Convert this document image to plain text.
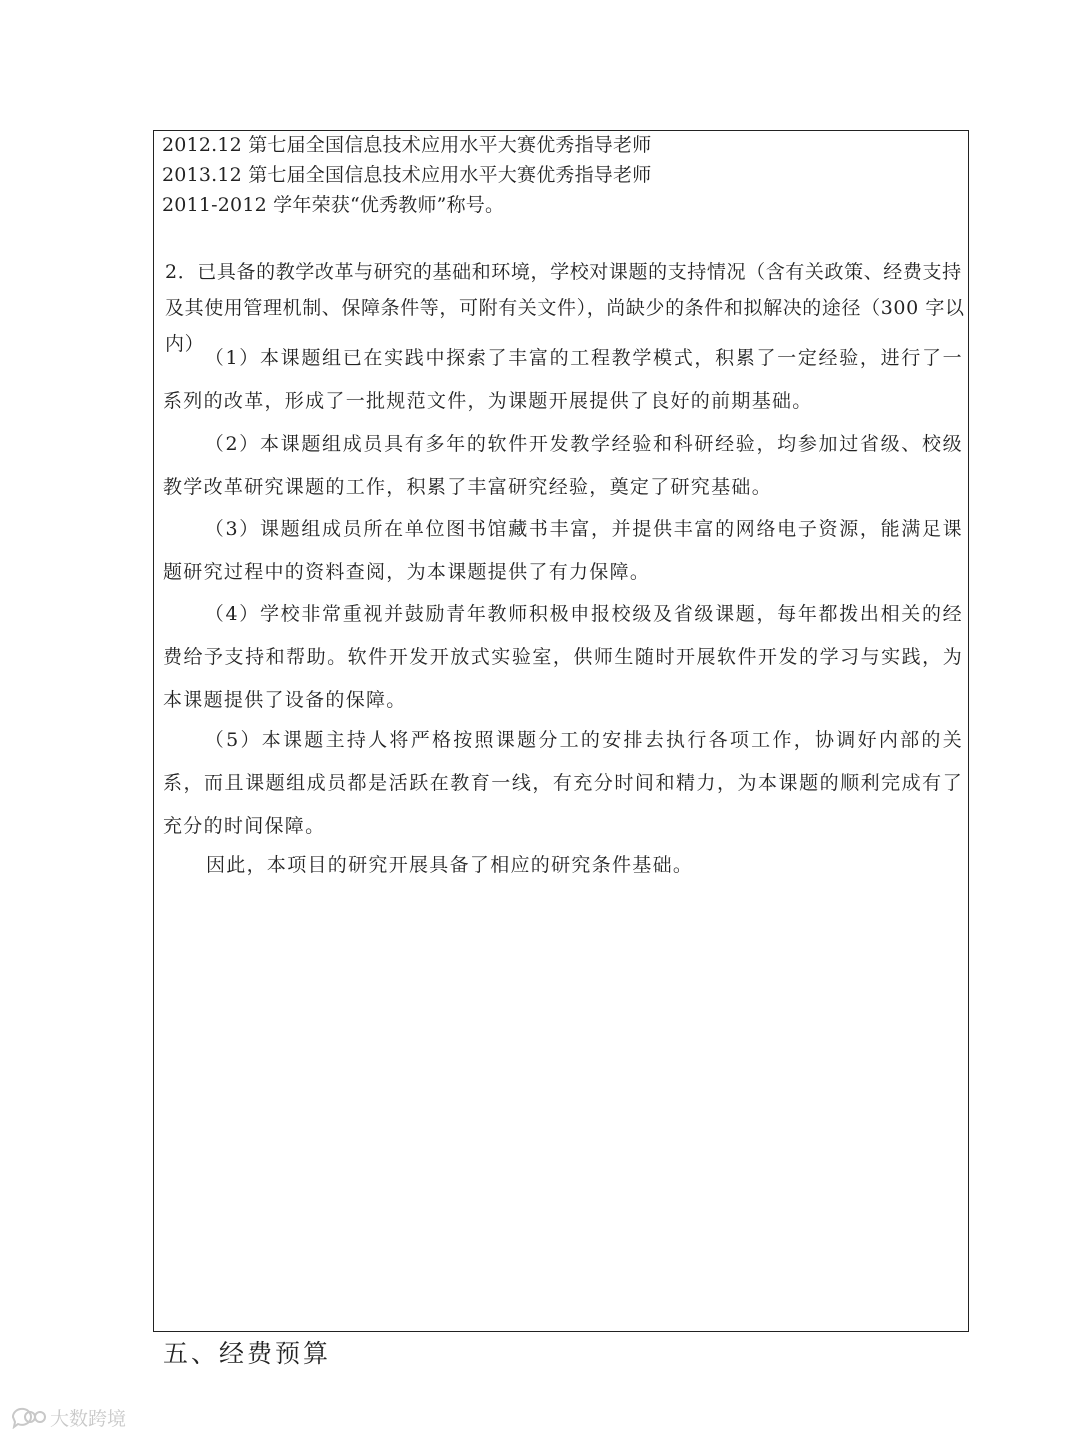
2012.12 第七届全国信息技术应用水平大赛优秀指导老师
2013.12 第七届全国信息技术应用水平大赛优秀指导老师
2011-2012 学年荣获“优秀教师”称号。
2．已具备的教学改革与研究的基础和环境，学校对课题的支持情况（含有关政策、经费支持及其使用管理机制、保障条件等，可附有关文件），尚缺少的条件和拟解决的途径（300 字以内）
（1）本课题组已在实践中探索了丰富的工程教学模式，积累了一定经验，进行了一系列的改革，形成了一批规范文件，为课题开展提供了良好的前期基础。
（2）本课题组成员具有多年的软件开发教学经验和科研经验，均参加过省级、校级教学改革研究课题的工作，积累了丰富研究经验，奠定了研究基础。
（3）课题组成员所在单位图书馆藏书丰富，并提供丰富的网络电子资源，能满足课题研究过程中的资料查阅，为本课题提供了有力保障。
（4）学校非常重视并鼓励青年教师积极申报校级及省级课题，每年都拨出相关的经费给予支持和帮助。软件开发开放式实验室，供师生随时开展软件开发的学习与实践，为本课题提供了设备的保障。
（5）本课题主持人将严格按照课题分工的安排去执行各项工作，协调好内部的关系，而且课题组成员都是活跃在教育一线，有充分时间和精力，为本课题的顺利完成有了充分的时间保障。
因此，本项目的研究开展具备了相应的研究条件基础。
五、经费预算
大数跨境
